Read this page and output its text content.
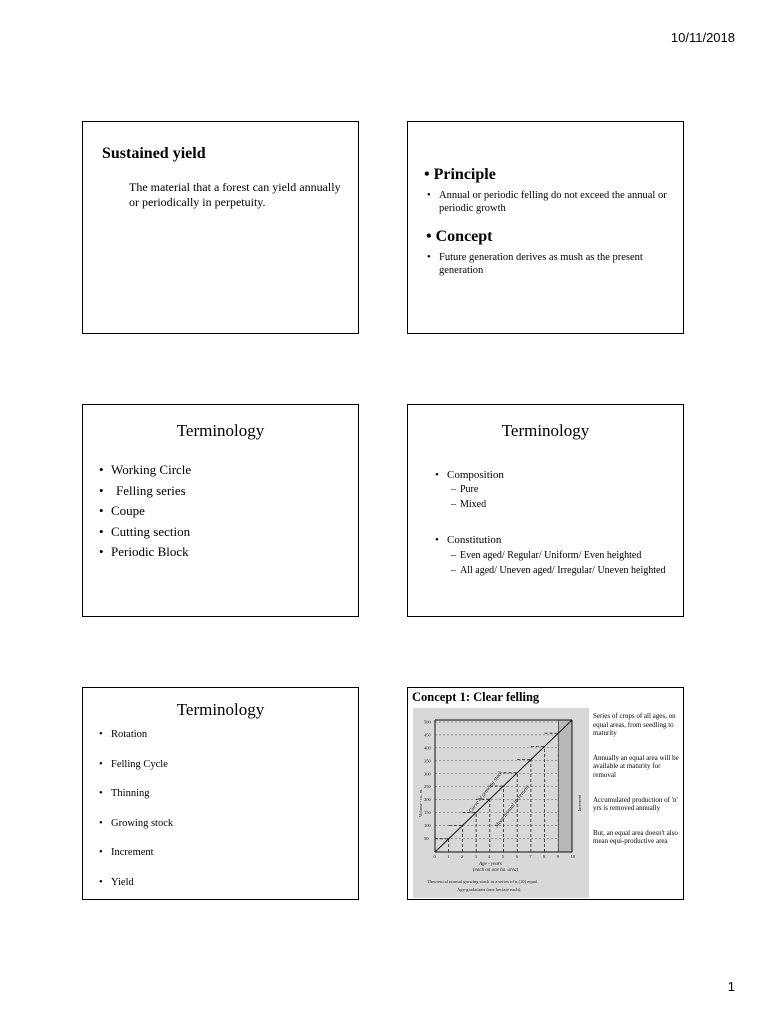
10/11/2018
Sustained yield
The material that a forest can yield annually or periodically in perpetuity.
• Principle
• Annual or periodic felling do not exceed the annual or periodic growth
• Concept
• Future generation derives as mush as the present generation
Terminology
• Working Circle
• Felling series
• Coupe
• Cutting section
• Periodic Block
Terminology
• Composition
– Pure
– Mixed
• Constitution
– Even aged/ Regular/ Uniform/ Even heighted
– All aged/ Uneven aged/ Irregular/ Uneven heighted
Terminology
• Rotation
• Felling Cycle
• Thinning
• Growing stock
• Increment
• Yield
Concept 1: Clear felling
500
450
400
350
300
250
200
150
100
50
0	1	2	3	4	5	6	7	8	9	10
Age - years
(each on one ha. area)
Volume - cu. m.	Curve of growing stock
Mean annual increment	Increment
Theoretical normal growing stock in a series of n (10) equal
Age-gradations (one hectare each).
Series of crops of all ages, on equal areas, from seedling to maturity
Annually an equal area will be available at maturity for removal
Accumulated production of 'n' yrs is removed annually
But, an equal area doesn't also mean equi-productive area
1
